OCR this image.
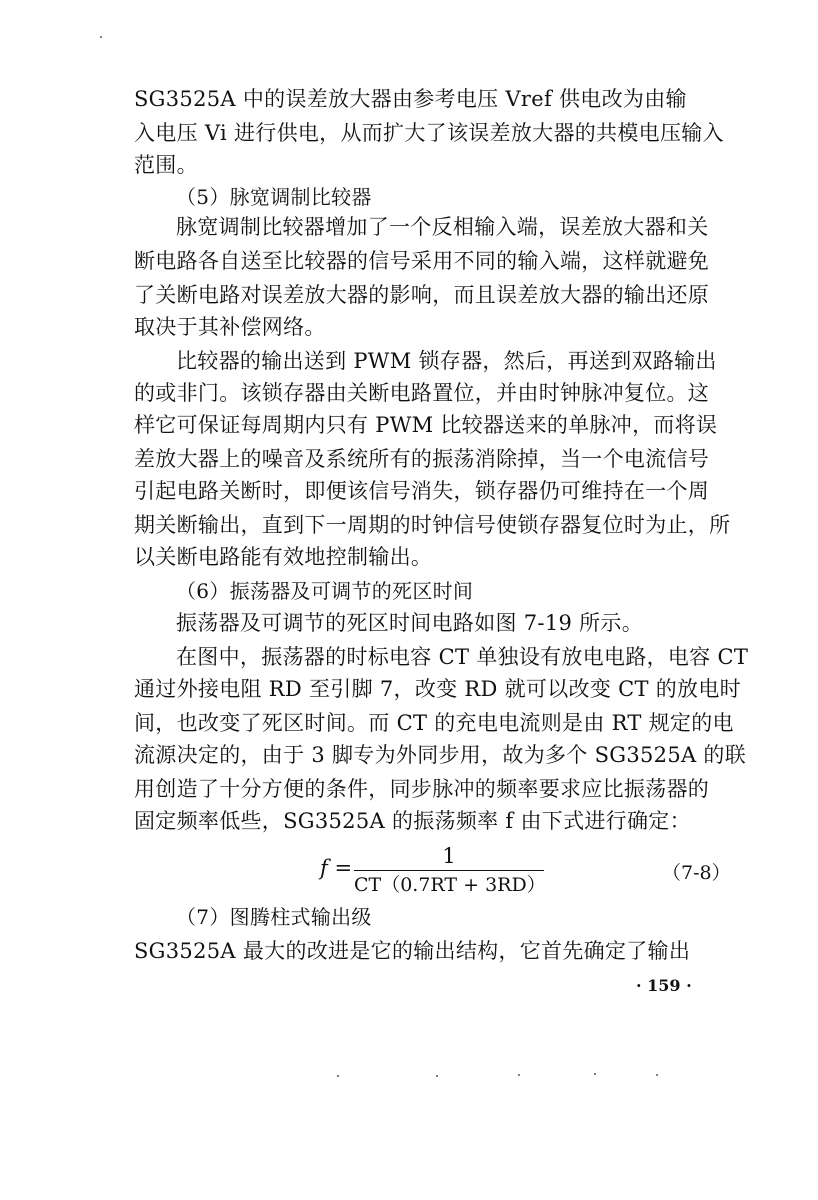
SG3525A 中的误差放大器由参考电压 Vref 供电改为由输
入电压 Vi 进行供电，从而扩大了该误差放大器的共模电压输入
范围。
（5）脉宽调制比较器
脉宽调制比较器增加了一个反相输入端，误差放大器和关
断电路各自送至比较器的信号采用不同的输入端，这样就避免
了关断电路对误差放大器的影响，而且误差放大器的输出还原
取决于其补偿网络。
比较器的输出送到 PWM 锁存器，然后，再送到双路输出
的或非门。该锁存器由关断电路置位，并由时钟脉冲复位。这
样它可保证每周期内只有 PWM 比较器送来的单脉冲，而将误
差放大器上的噪音及系统所有的振荡消除掉，当一个电流信号
引起电路关断时，即便该信号消失，锁存器仍可维持在一个周
期关断输出，直到下一周期的时钟信号使锁存器复位时为止，所
以关断电路能有效地控制输出。
（6）振荡器及可调节的死区时间
振荡器及可调节的死区时间电路如图 7-19 所示。
在图中，振荡器的时标电容 CT 单独设有放电电路，电容 CT
通过外接电阻 RD 至引脚 7，改变 RD 就可以改变 CT 的放电时
间，也改变了死区时间。而 CT 的充电电流则是由 RT 规定的电
流源决定的，由于 3 脚专为外同步用，故为多个 SG3525A 的联
用创造了十分方便的条件，同步脉冲的频率要求应比振荡器的
固定频率低些，SG3525A 的振荡频率 f 由下式进行确定：
f =	1
CT（0.7RT + 3RD）
（7-8）
（7）图腾柱式输出级
SG3525A 最大的改进是它的输出结构，它首先确定了输出
· 159 ·
